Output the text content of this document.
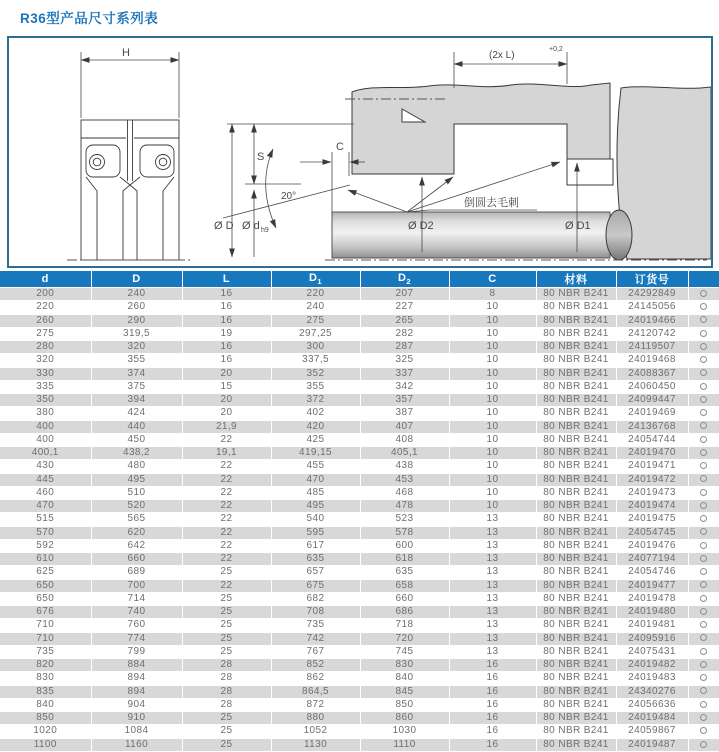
R36型产品尺寸系列表
H	(2x L)
+0,2
S
Ø D Ø d h9
20°
C
倒圆去毛刺
Ø D2	Ø D1
d	D	L	$D_1$	$D_2$	C	材料	订货号	
200	240	16	220	207	8	80 NBR B241	24292849	
220	260	16	240	227	10	80 NBR B241	24145056	
260	290	16	275	265	10	80 NBR B241	24019466	
275	319,5	19	297,25	282	10	80 NBR B241	24120742	
280	320	16	300	287	10	80 NBR B241	24119507	
320	355	16	337,5	325	10	80 NBR B241	24019468	
330	374	20	352	337	10	80 NBR B241	24088367	
335	375	15	355	342	10	80 NBR B241	24060450	
350	394	20	372	357	10	80 NBR B241	24099447	
380	424	20	402	387	10	80 NBR B241	24019469	
400	440	21,9	420	407	10	80 NBR B241	24136768	
400	450	22	425	408	10	80 NBR B241	24054744	
400,1	438,2	19,1	419,15	405,1	10	80 NBR B241	24019470	
430	480	22	455	438	10	80 NBR B241	24019471	
445	495	22	470	453	10	80 NBR B241	24019472	
460	510	22	485	468	10	80 NBR B241	24019473	
470	520	22	495	478	10	80 NBR B241	24019474	
515	565	22	540	523	13	80 NBR B241	24019475	
570	620	22	595	578	13	80 NBR B241	24054745	
592	642	22	617	600	13	80 NBR B241	24019476	
610	660	22	635	618	13	80 NBR B241	24077194	
625	689	25	657	635	13	80 NBR B241	24054746	
650	700	22	675	658	13	80 NBR B241	24019477	
650	714	25	682	660	13	80 NBR B241	24019478	
676	740	25	708	686	13	80 NBR B241	24019480	
710	760	25	735	718	13	80 NBR B241	24019481	
710	774	25	742	720	13	80 NBR B241	24095916	
735	799	25	767	745	13	80 NBR B241	24075431	
820	884	28	852	830	16	80 NBR B241	24019482	
830	894	28	862	840	16	80 NBR B241	24019483	
835	894	28	864,5	845	16	80 NBR B241	24340276	
840	904	28	872	850	16	80 NBR B241	24056636	
850	910	25	880	860	16	80 NBR B241	24019484	
1020	1084	25	1052	1030	16	80 NBR B241	24059867	
1100	1160	25	1130	1110	16	80 NBR B241	24019487	
